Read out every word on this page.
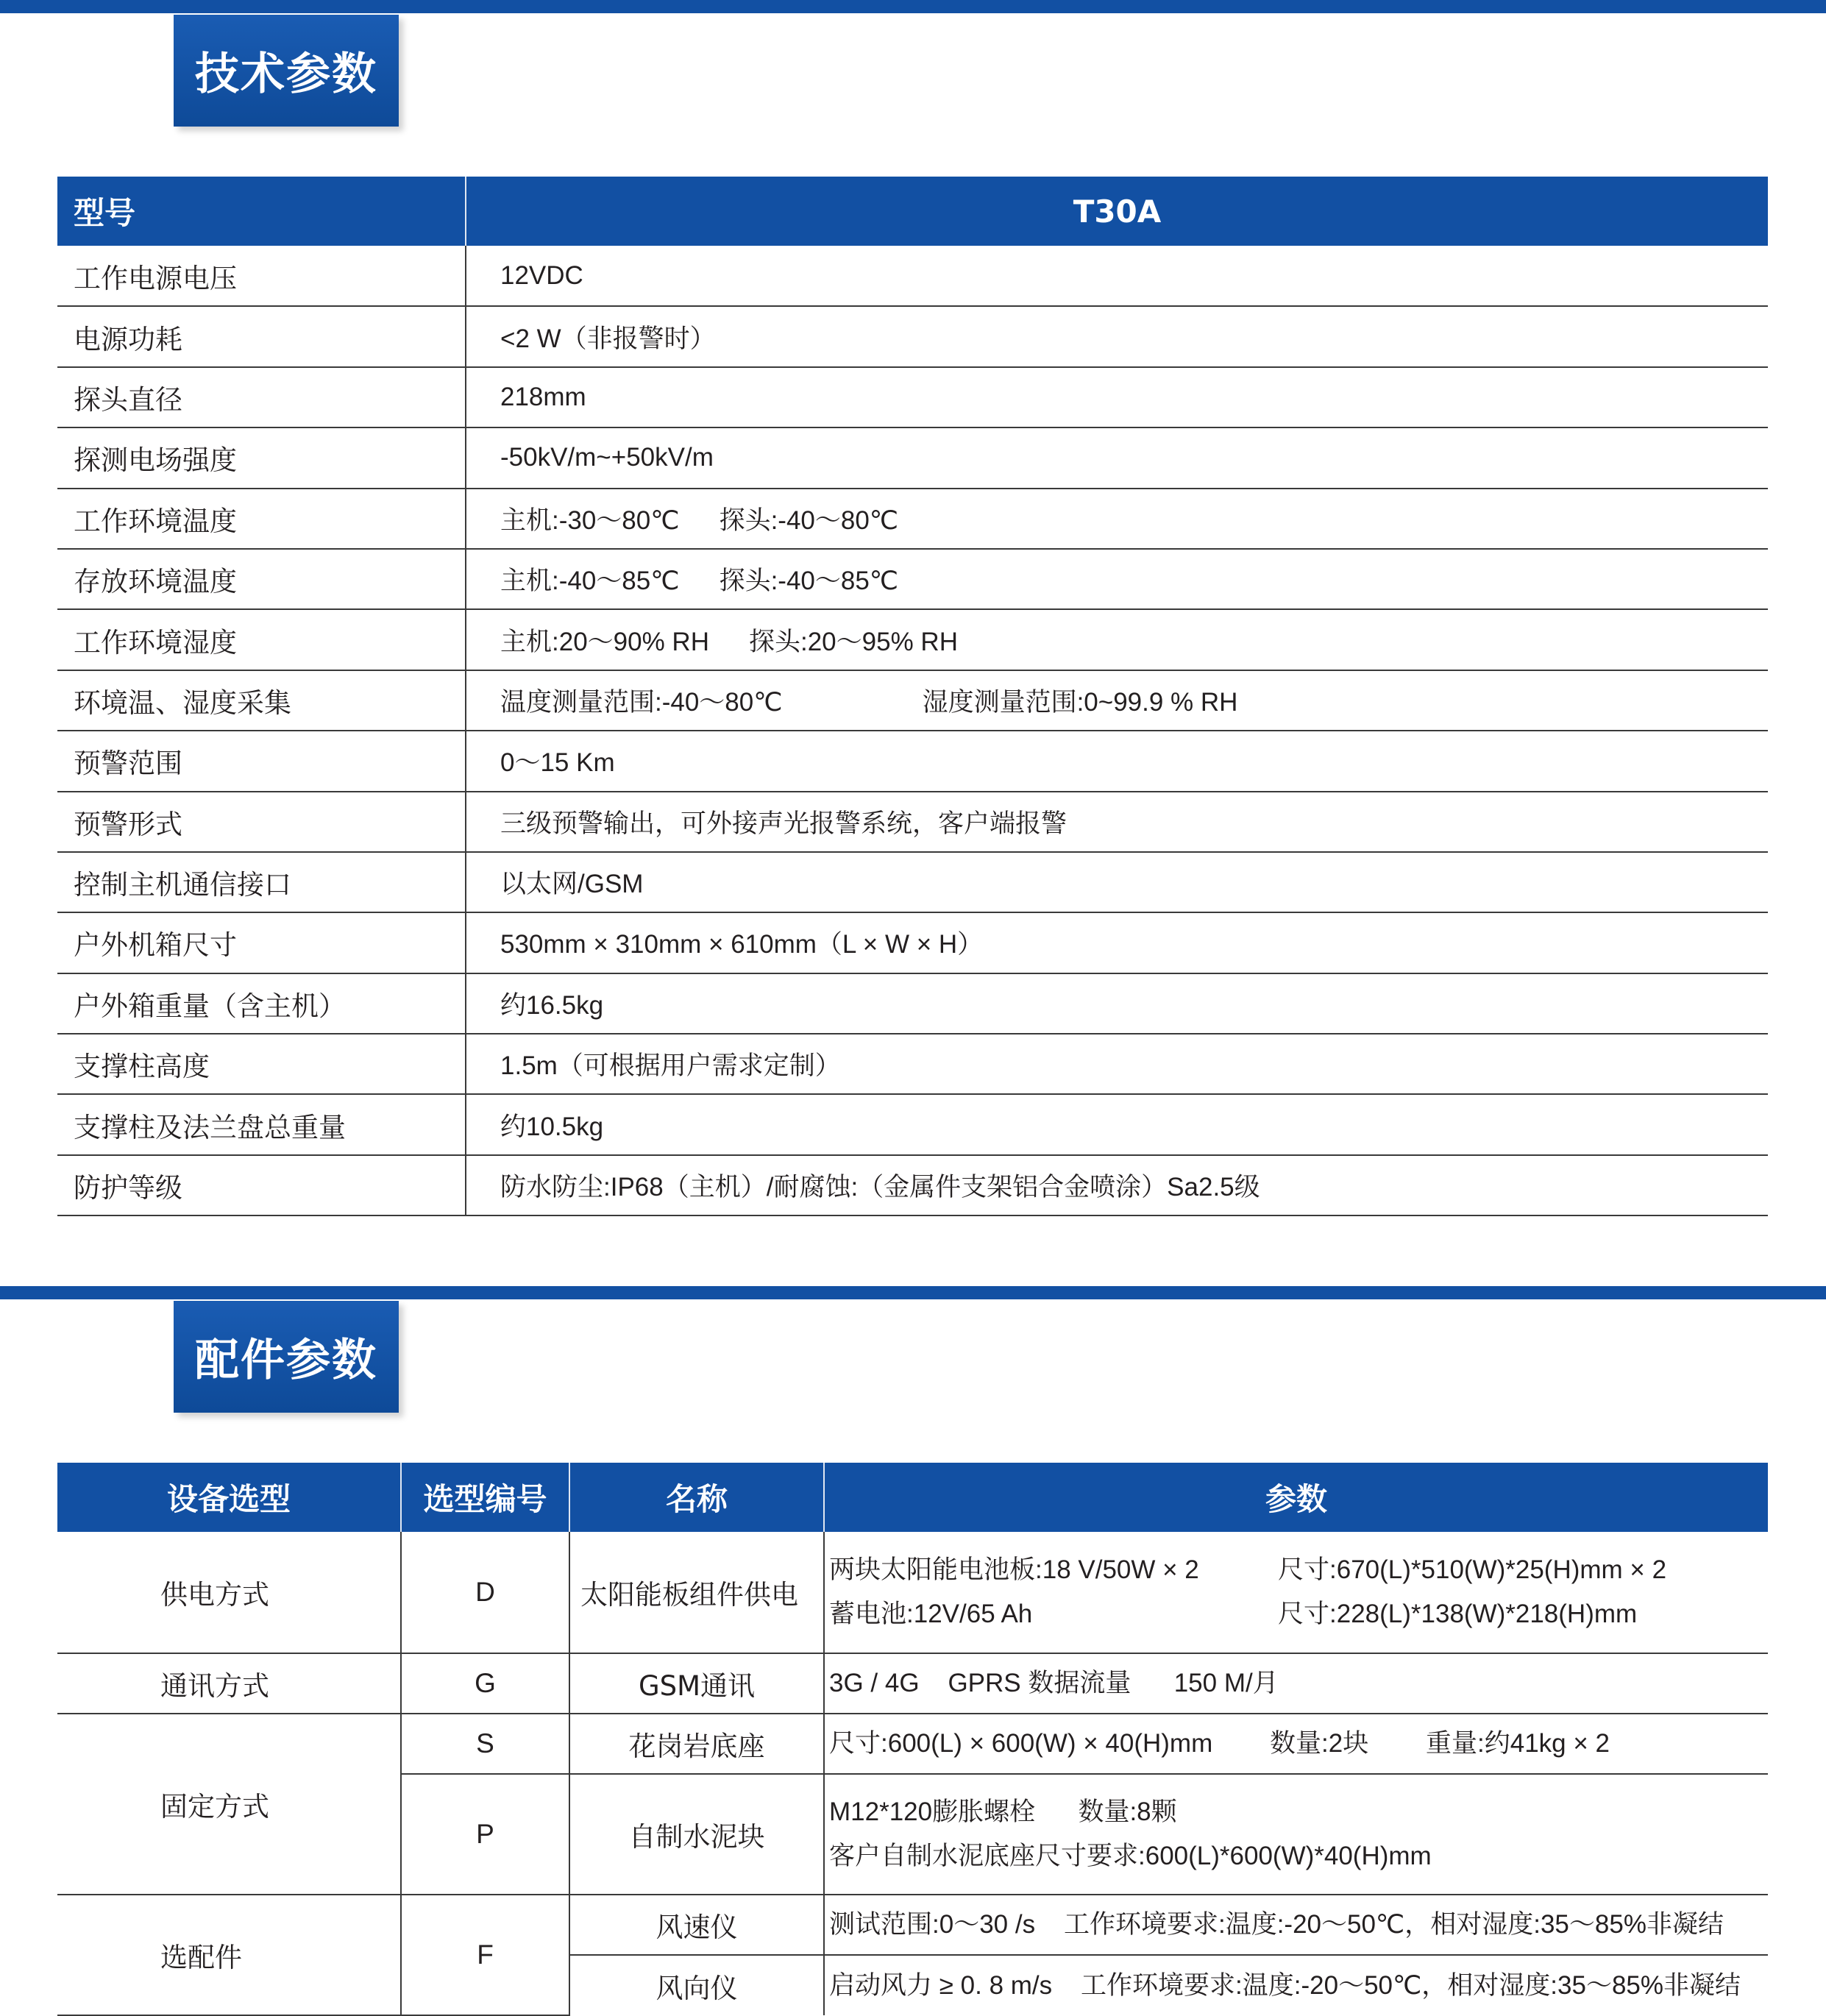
技术参数
型号	T30A
工作电源电压	12VDC
电源功耗	<2 W（非报警时）
探头直径	218mm
探测电场强度	-50kV/m~+50kV/m
工作环境温度	主机:-30～80℃ 探头:-40～80℃
存放环境温度	主机:-40～85℃ 探头:-40～85℃
工作环境湿度	主机:20～90% RH 探头:20～95% RH
环境温、湿度采集	温度测量范围:-40～80℃ 湿度测量范围:0~99.9 % RH
预警范围	0～15 Km
预警形式	三级预警输出，可外接声光报警系统，客户端报警
控制主机通信接口	以太网/GSM
户外机箱尺寸	530mm × 310mm × 610mm（L × W × H）
户外箱重量（含主机）	约16.5kg
支撑柱高度	1.5m（可根据用户需求定制）
支撑柱及法兰盘总重量	约10.5kg
防护等级	防水防尘:IP68（主机）/耐腐蚀:（金属件支架铝合金喷涂）Sa2.5级
配件参数
设备选型	选型编号	名称	参数
供电方式	D	太阳能板组件供电	两块太阳能电池板:18 V/50W × 2 尺寸:670(L)*510(W)*25(H)mm × 2
蓄电池:12V/65 Ah 尺寸:228(L)*138(W)*218(H)mm

通讯方式	G	GSM通讯	3G / 4G    GPRS 数据流量      150 M/月
固定方式	S	花岗岩底座	尺寸:600(L) × 600(W) × 40(H)mm        数量:2块        重量:约41kg × 2
	P	自制水泥块	M12*120膨胀螺栓      数量:8颗
客户自制水泥底座尺寸要求:600(L)*600(W)*40(H)mm

选配件	F	风速仪	测试范围:0～30 /s    工作环境要求:温度:-20～50℃，相对湿度:35～85%非凝结
		风向仪	启动风力 ≥ 0. 8 m/s    工作环境要求:温度:-20～50℃，相对湿度:35～85%非凝结
